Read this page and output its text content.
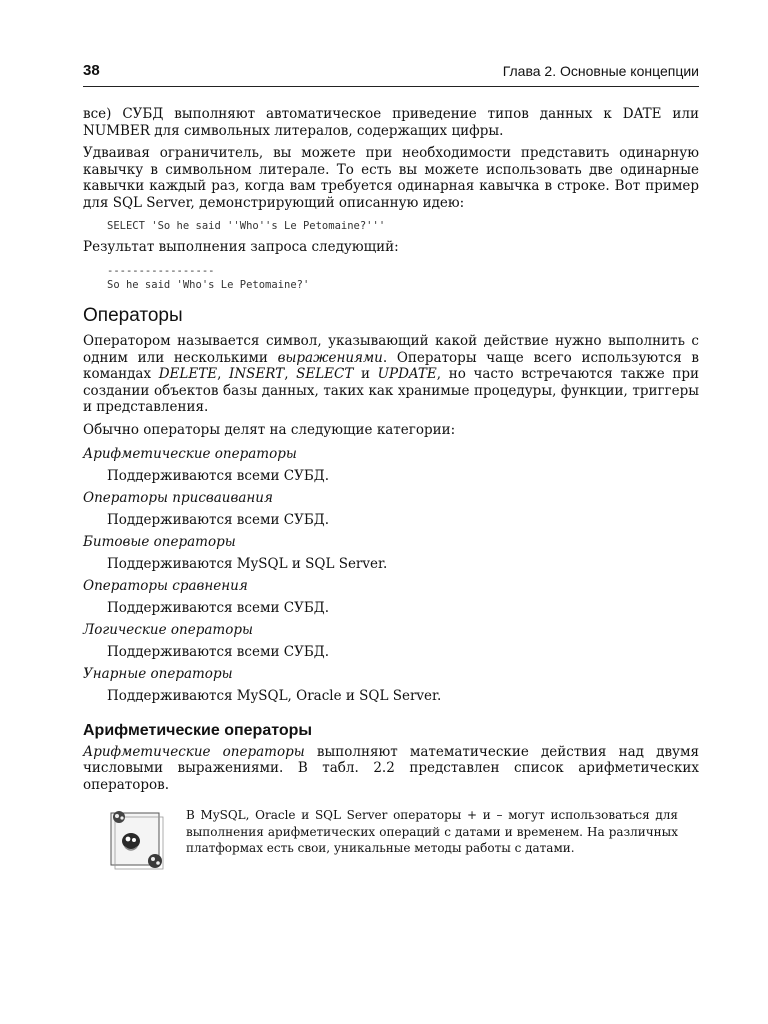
38	Глава 2. Основные концепции

все) СУБД выполняют автоматическое приведение типов данных к DATE или NUMBER для символьных литералов, содержащих цифры.

Удваивая ограничитель, вы можете при необходимости представить одинарную кавычку в символьном литерале. То есть вы можете использовать две одинарные кавычки каждый раз, когда вам требуется одинарная кавычка в строке. Вот пример для SQL Server, демонстрирующий описанную идею:

SELECT 'So he said ''Who''s Le Petomaine?'''

Результат выполнения запроса следующий:

-----------------
So he said 'Who's Le Petomaine?'
Операторы

Оператором называется символ, указывающий какой действие нужно выполнить с одним или несколькими выражениями. Операторы чаще всего используются в командах DELETE, INSERT, SELECT и UPDATE, но часто встречаются также при создании объектов базы данных, таких как хранимые процедуры, функции, триггеры и представления.

Обычно операторы делят на следующие категории:

Арифметические операторы

Поддерживаются всеми СУБД.

Операторы присваивания

Поддерживаются всеми СУБД.

Битовые операторы

Поддерживаются MySQL и SQL Server.

Операторы сравнения

Поддерживаются всеми СУБД.

Логические операторы

Поддерживаются всеми СУБД.

Унарные операторы

Поддерживаются MySQL, Oracle и SQL Server.

Арифметические операторы

Арифметические операторы выполняют математические действия над двумя числовыми выражениями. В табл. 2.2 представлен список арифметических операторов.

В MySQL, Oracle и SQL Server операторы + и – могут использоваться для выполнения арифметических операций с датами и временем. На различных платформах есть свои, уникальные методы работы с датами.
